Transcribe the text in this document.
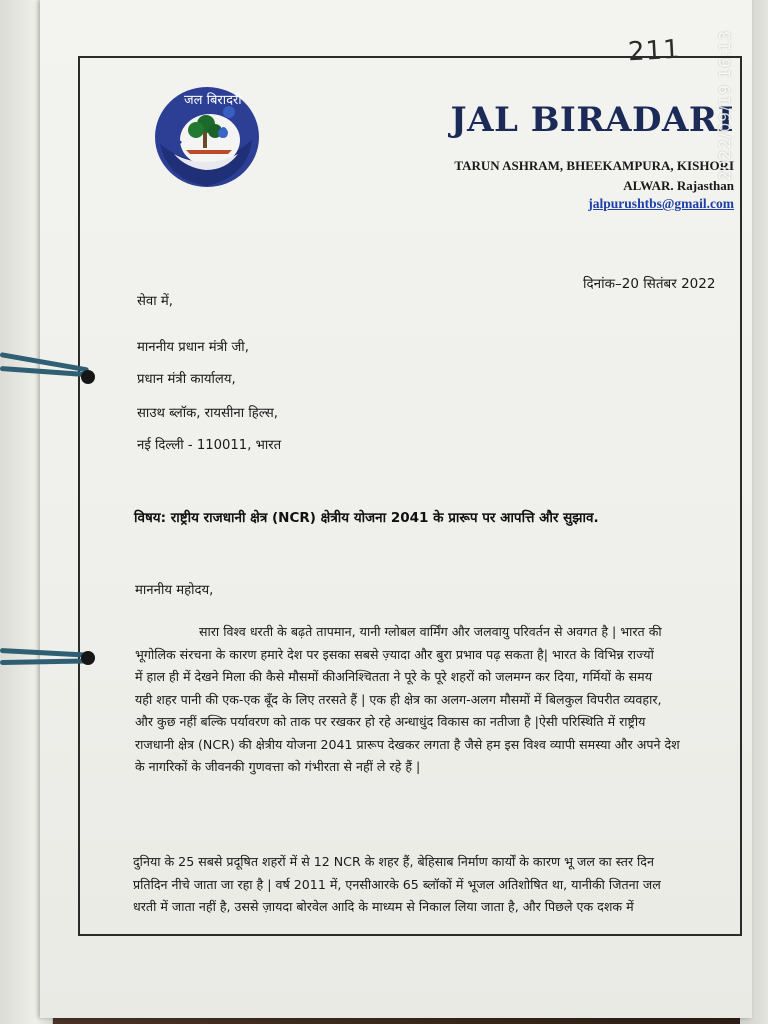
211
जल बिरादरी	JAL BIRADARI
TARUN ASHRAM, BHEEKAMPURA, KISHORI
ALWAR. Rajasthan
jalpurushtbs@gmail.com
दिनांक–20 सितंबर 2022
सेवा में,
माननीय प्रधान मंत्री जी,
प्रधान मंत्री कार्यालय,
साउथ ब्लॉक, रायसीना हिल्स,
नई दिल्ली - 110011, भारत
विषय: राष्ट्रीय राजधानी क्षेत्र (NCR) क्षेत्रीय योजना 2041 के प्रारूप पर आपत्ति और सुझाव.
माननीय महोदय,
सारा विश्व धरती के बढ़ते तापमान, यानी ग्लोबल वार्मिंग और जलवायु परिवर्तन से अवगत है | भारत की
भूगोलिक संरचना के कारण हमारे देश पर इसका सबसे ज़्यादा और बुरा प्रभाव पढ़ सकता है| भारत के विभिन्न राज्यों
में हाल ही में देखने मिला की कैसे मौसमों कीअनिश्चितता ने पूरे के पूरे शहरों को जलमग्न कर दिया, गर्मियों के समय
यही शहर पानी की एक-एक बूँद के लिए तरसते हैं | एक ही क्षेत्र का अलग-अलग मौसमों में बिलकुल विपरीत व्यवहार,
और कुछ नहीं बल्कि पर्यावरण को ताक पर रखकर हो रहे अन्धाधुंद विकास का नतीजा है |ऐसी परिस्थिति में राष्ट्रीय
राजधानी क्षेत्र (NCR) की क्षेत्रीय योजना 2041 प्रारूप देखकर लगता है जैसे हम इस विश्व व्यापी समस्या और अपने देश
के नागरिकों के जीवनकी गुणवत्ता को गंभीरता से नहीं ले रहे हैं |
दुनिया के 25 सबसे प्रदूषित शहरों में से 12 NCR के शहर हैं, बेहिसाब निर्माण कार्यों के कारण भू जल का स्तर दिन
प्रतिदिन नीचे जाता जा रहा है | वर्ष 2011 में, एनसीआरके 65 ब्लॉकों में भूजल अतिशोषित था, यानीकी जितना जल
धरती में जाता नहीं है, उससे ज़ायदा बोरवेल आदि के माध्यम से निकाल लिया जाता है, और पिछले एक दशक में
2022/09/19 16:13
